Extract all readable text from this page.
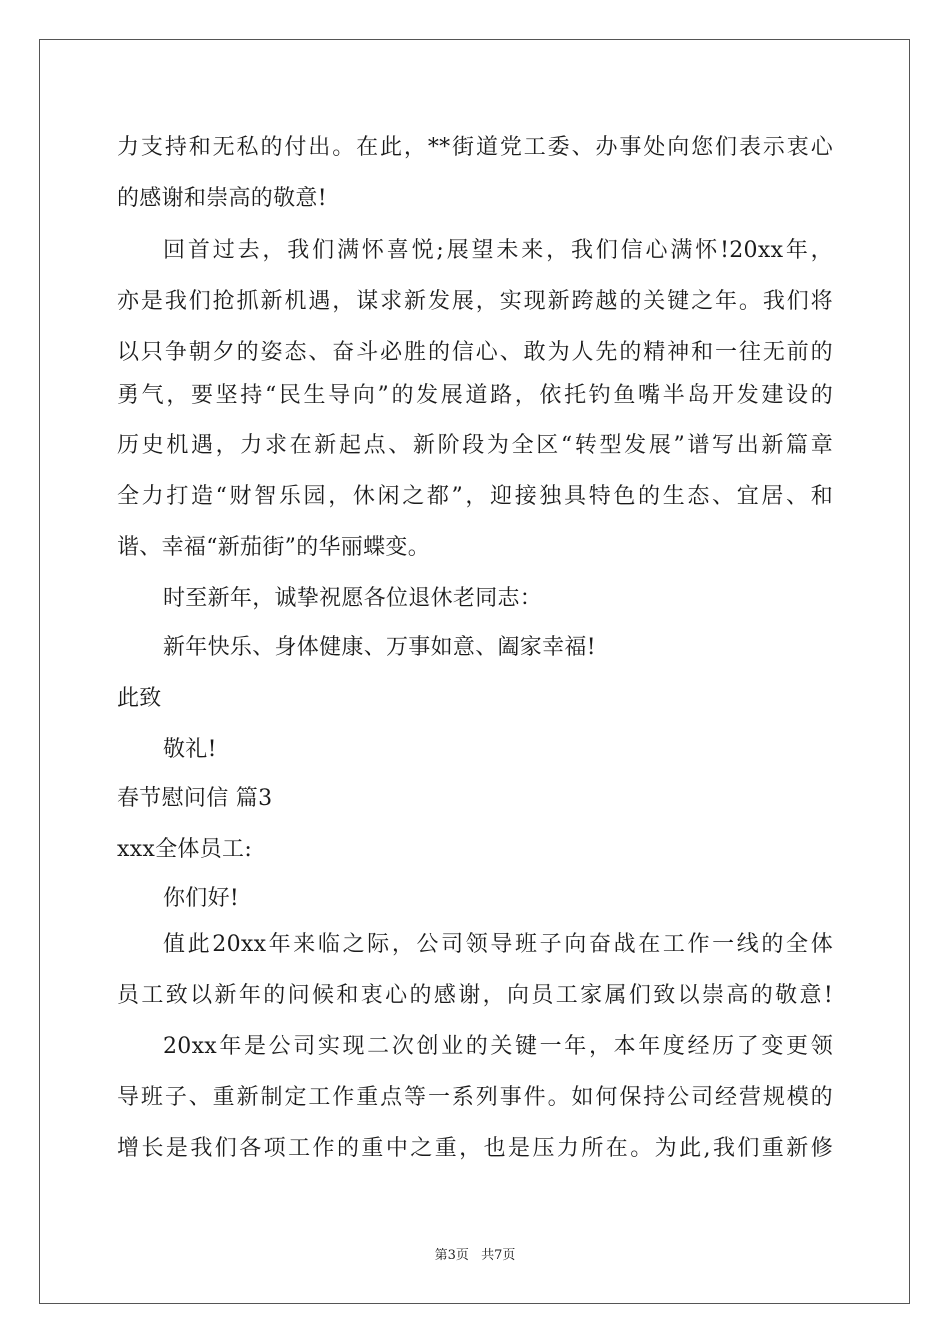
力支持和无私的付出。在此，**街道党工委、办事处向您们表示衷心
的感谢和崇高的敬意!
回首过去，我们满怀喜悦;展望未来，我们信心满怀!20xx年，
亦是我们抢抓新机遇，谋求新发展，实现新跨越的关键之年。我们将
以只争朝夕的姿态、奋斗必胜的信心、敢为人先的精神和一往无前的
勇气，要坚持“民生导向”的发展道路，依托钓鱼嘴半岛开发建设的
历史机遇，力求在新起点、新阶段为全区“转型发展”谱写出新篇章
全力打造“财智乐园，休闲之都”，迎接独具特色的生态、宜居、和
谐、幸福“新茄街”的华丽蝶变。
时至新年，诚挚祝愿各位退休老同志：
新年快乐、身体健康、万事如意、阖家幸福!
此致
敬礼!
春节慰问信 篇3
xxx全体员工:
你们好!
值此20xx年来临之际，公司领导班子向奋战在工作一线的全体
员工致以新年的问候和衷心的感谢，向员工家属们致以崇高的敬意!
20xx年是公司实现二次创业的关键一年，本年度经历了变更领
导班子、重新制定工作重点等一系列事件。如何保持公司经营规模的
增长是我们各项工作的重中之重，也是压力所在。为此,我们重新修
第3页 共7页
